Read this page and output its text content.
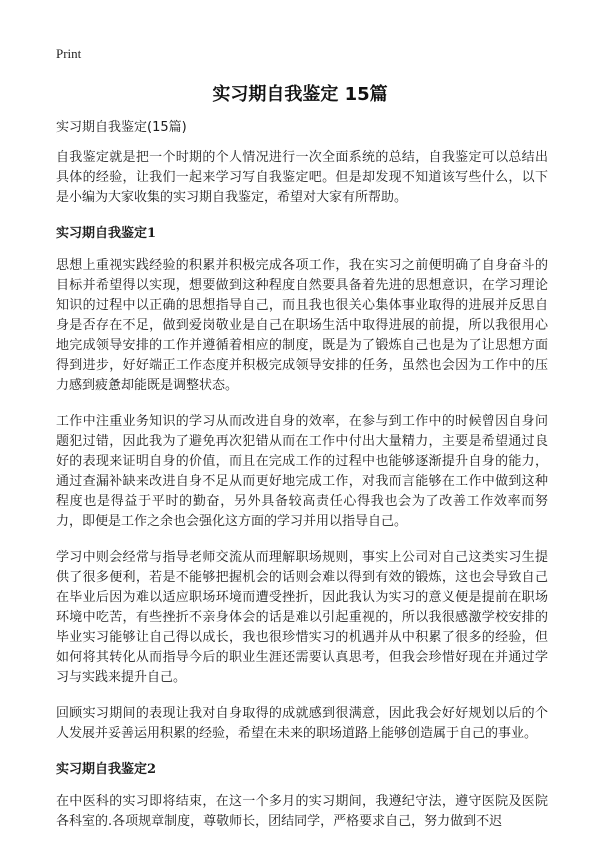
Print
实习期自我鉴定 15篇
实习期自我鉴定(15篇)

自我鉴定就是把一个时期的个人情况进行一次全面系统的总结，自我鉴定可以总结出具体的经验，让我们一起来学习写自我鉴定吧。但是却发现不知道该写些什么，以下是小编为大家收集的实习期自我鉴定，希望对大家有所帮助。

实习期自我鉴定1

思想上重视实践经验的积累并积极完成各项工作，我在实习之前便明确了自身奋斗的目标并希望得以实现，想要做到这种程度自然要具备着先进的思想意识，在学习理论知识的过程中以正确的思想指导自己，而且我也很关心集体事业取得的进展并反思自身是否存在不足，做到爱岗敬业是自己在职场生活中取得进展的前提，所以我很用心地完成领导安排的工作并遵循着相应的制度，既是为了锻炼自己也是为了让思想方面得到进步，好好端正工作态度并积极完成领导安排的任务，虽然也会因为工作中的压力感到疲惫却能既是调整状态。

工作中注重业务知识的学习从而改进自身的效率，在参与到工作中的时候曾因自身问题犯过错，因此我为了避免再次犯错从而在工作中付出大量精力，主要是希望通过良好的表现来证明自身的价值，而且在完成工作的过程中也能够逐渐提升自身的能力，通过查漏补缺来改进自身不足从而更好地完成工作，对我而言能够在工作中做到这种程度也是得益于平时的勤奋，另外具备较高责任心得我也会为了改善工作效率而努力，即便是工作之余也会强化这方面的学习并用以指导自己。

学习中则会经常与指导老师交流从而理解职场规则，事实上公司对自己这类实习生提供了很多便利，若是不能够把握机会的话则会难以得到有效的锻炼，这也会导致自己在毕业后因为难以适应职场环境而遭受挫折，因此我认为实习的意义便是提前在职场环境中吃苦，有些挫折不亲身体会的话是难以引起重视的，所以我很感激学校安排的毕业实习能够让自己得以成长，我也很珍惜实习的机遇并从中积累了很多的经验，但如何将其转化从而指导今后的职业生涯还需要认真思考，但我会珍惜好现在并通过学习与实践来提升自己。

回顾实习期间的表现让我对自身取得的成就感到很满意，因此我会好好规划以后的个人发展并妥善运用积累的经验，希望在未来的职场道路上能够创造属于自己的事业。

实习期自我鉴定2

在中医科的实习即将结束，在这一个多月的实习期间，我遵纪守法，遵守医院及医院各科室的.各项规章制度，尊敬师长，团结同学，严格要求自己，努力做到不迟
